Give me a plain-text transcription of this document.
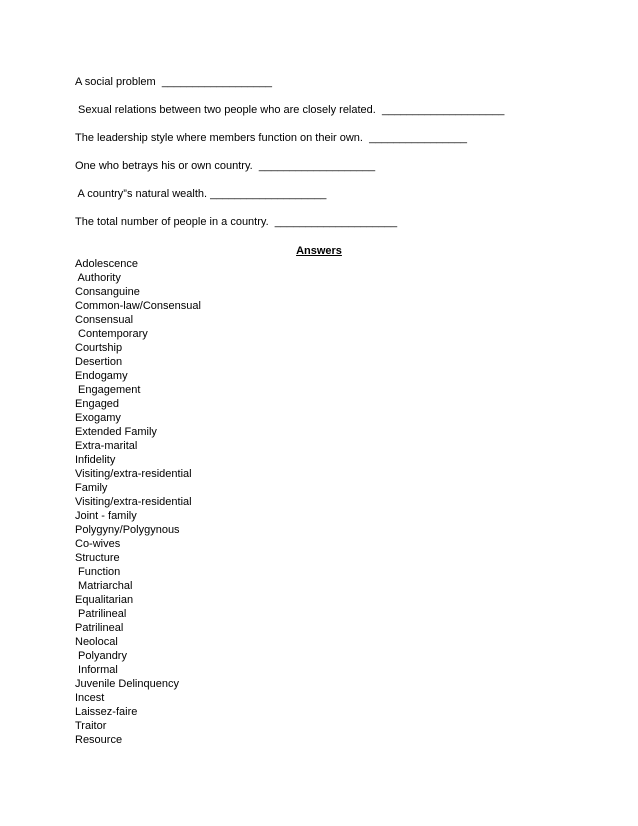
A social problem  __________________
Sexual relations between two people who are closely related.  ____________________
The leadership style where members function on their own.  ________________
One who betrays his or own country.  ___________________
A country”s natural wealth. ___________________
The total number of people in a country.  ____________________
Answers
Adolescence
Authority
Consanguine
Common-law/Consensual
Consensual
Contemporary
Courtship
Desertion
Endogamy
Engagement
Engaged
Exogamy
Extended Family
Extra-marital
Infidelity
Visiting/extra-residential
Family
Visiting/extra-residential
Joint - family
Polygyny/Polygynous
Co-wives
Structure
Function
Matriarchal
Equalitarian
Patrilineal
Patrilineal
Neolocal
Polyandry
Informal
Juvenile Delinquency
Incest
Laissez-faire
Traitor
Resource
